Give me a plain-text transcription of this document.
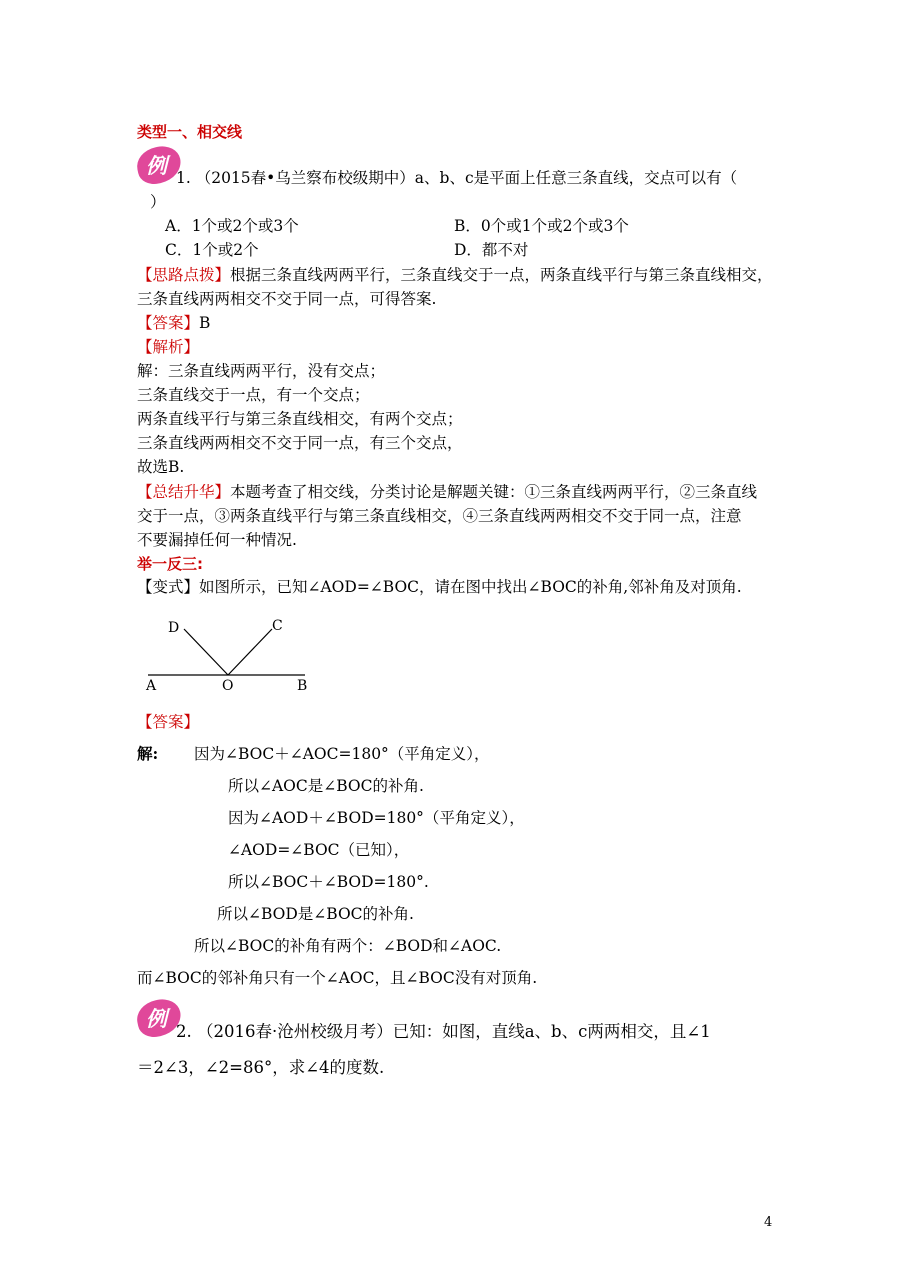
类型一、相交线
例 1. （2015春•乌兰察布校级期中）a、b、c是平面上任意三条直线，交点可以有（
）
A．1个或2个或3个	B．0个或1个或2个或3个
C．1个或2个	D．都不对
【思路点拨】根据三条直线两两平行，三条直线交于一点，两条直线平行与第三条直线相交，
三条直线两两相交不交于同一点，可得答案.
【答案】B
【解析】
解：三条直线两两平行，没有交点；
三条直线交于一点，有一个交点；
两条直线平行与第三条直线相交，有两个交点；
三条直线两两相交不交于同一点，有三个交点，
故选B.
【总结升华】本题考查了相交线，分类讨论是解题关键：①三条直线两两平行，②三条直线
交于一点，③两条直线平行与第三条直线相交，④三条直线两两相交不交于同一点，注意
不要漏掉任何一种情况.
举一反三:
【变式】如图所示，已知∠AOD=∠BOC，请在图中找出∠BOC的补角,邻补角及对顶角.
D	C
A	O	B
【答案】
解: 因为∠BOC＋∠AOC=180°（平角定义），
所以∠AOC是∠BOC的补角.
因为∠AOD＋∠BOD=180°（平角定义），
∠AOD=∠BOC（已知），
所以∠BOC＋∠BOD=180°.
所以∠BOD是∠BOC的补角.
所以∠BOC的补角有两个：∠BOD和∠AOC.
而∠BOC的邻补角只有一个∠AOC，且∠BOC没有对顶角.
例
2. （2016春·沧州校级月考）已知：如图，直线a、b、c两两相交，且∠1
＝2∠3，∠2=86°，求∠4的度数.
4
